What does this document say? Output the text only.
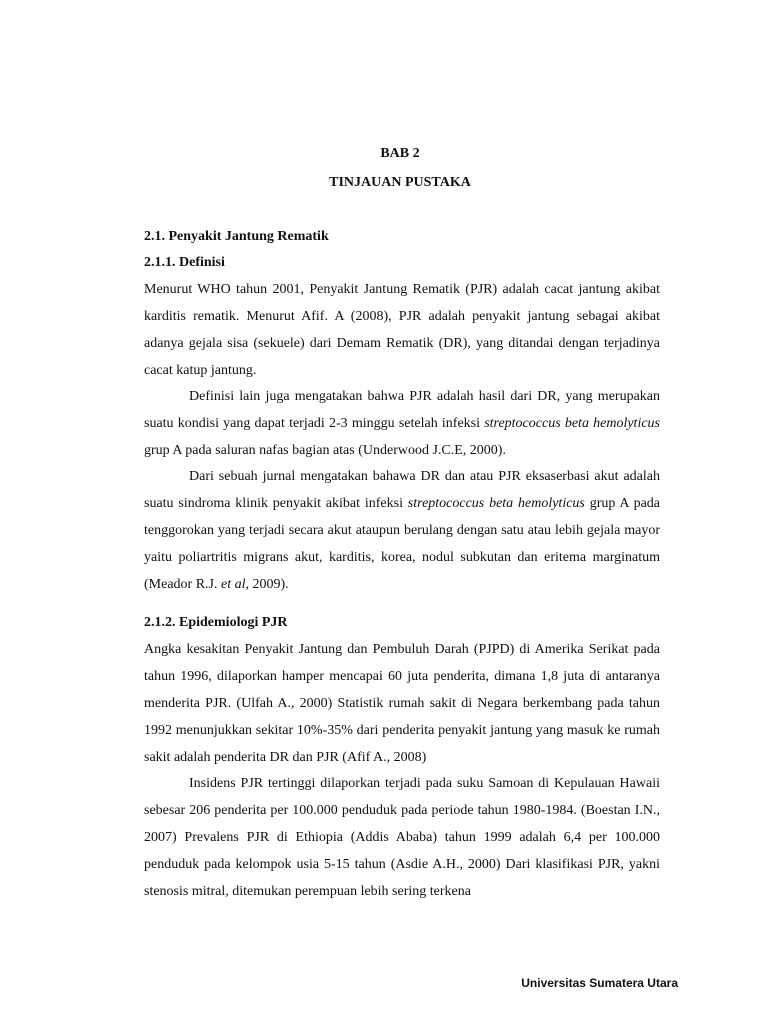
BAB 2
TINJAUAN PUSTAKA
2.1. Penyakit Jantung Rematik
2.1.1. Definisi
Menurut WHO tahun 2001, Penyakit Jantung Rematik (PJR) adalah cacat jantung akibat karditis rematik. Menurut Afif. A (2008), PJR adalah penyakit jantung sebagai akibat adanya gejala sisa (sekuele) dari Demam Rematik (DR), yang ditandai dengan terjadinya cacat katup jantung.
Definisi lain juga mengatakan bahwa PJR adalah hasil dari DR, yang merupakan suatu kondisi yang dapat terjadi 2-3 minggu setelah infeksi streptococcus beta hemolyticus grup A pada saluran nafas bagian atas (Underwood J.C.E, 2000).
Dari sebuah jurnal mengatakan bahawa DR dan atau PJR eksaserbasi akut adalah suatu sindroma klinik penyakit akibat infeksi streptococcus beta hemolyticus grup A pada tenggorokan yang terjadi secara akut ataupun berulang dengan satu atau lebih gejala mayor yaitu poliartritis migrans akut, karditis, korea, nodul subkutan dan eritema marginatum (Meador R.J. et al, 2009).
2.1.2. Epidemiologi PJR
Angka kesakitan Penyakit Jantung dan Pembuluh Darah (PJPD) di Amerika Serikat pada tahun 1996, dilaporkan hamper mencapai 60 juta penderita, dimana 1,8 juta di antaranya menderita PJR. (Ulfah A., 2000) Statistik rumah sakit di Negara berkembang pada tahun 1992 menunjukkan sekitar 10%-35% dari penderita penyakit jantung yang masuk ke rumah sakit adalah penderita DR dan PJR (Afif A., 2008)
Insidens PJR tertinggi dilaporkan terjadi pada suku Samoan di Kepulauan Hawaii sebesar 206 penderita per 100.000 penduduk pada periode tahun 1980-1984. (Boestan I.N., 2007) Prevalens PJR di Ethiopia (Addis Ababa) tahun 1999 adalah 6,4 per 100.000 penduduk pada kelompok usia 5-15 tahun (Asdie A.H., 2000) Dari klasifikasi PJR, yakni stenosis mitral, ditemukan perempuan lebih sering terkena
Universitas Sumatera Utara
